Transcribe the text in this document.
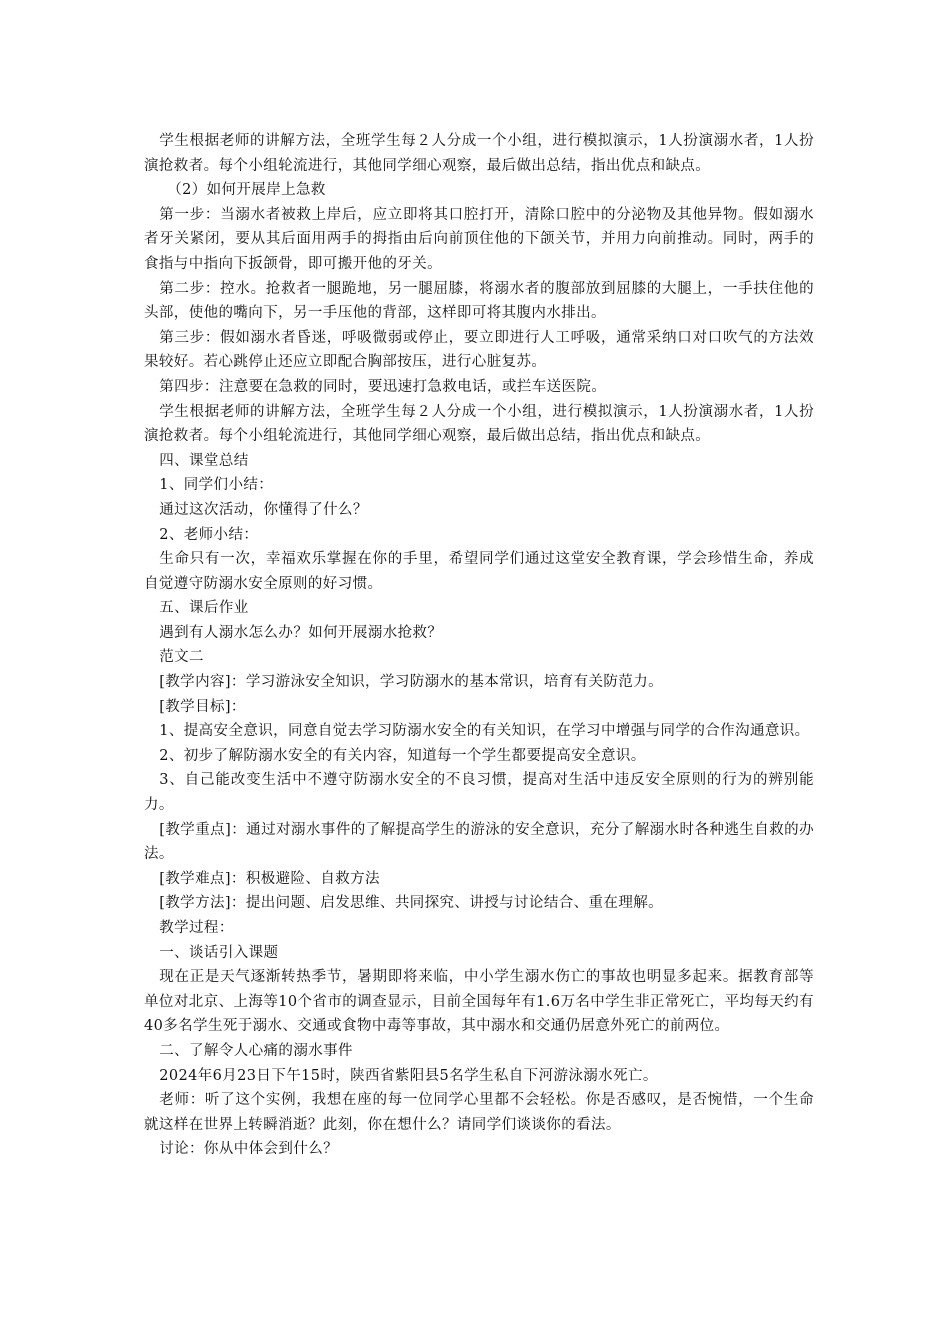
学生根据老师的讲解方法，全班学生每２人分成一个小组，进行模拟演示，1人扮演溺水者，1人扮演抢救者。每个小组轮流进行，其他同学细心观察，最后做出总结，指出优点和缺点。

（2）如何开展岸上急救

第一步：当溺水者被救上岸后，应立即将其口腔打开，清除口腔中的分泌物及其他异物。假如溺水者牙关紧闭，要从其后面用两手的拇指由后向前顶住他的下颌关节，并用力向前推动。同时，两手的食指与中指向下扳颌骨，即可搬开他的牙关。

第二步：控水。抢救者一腿跪地，另一腿屈膝，将溺水者的腹部放到屈膝的大腿上，一手扶住他的头部，使他的嘴向下，另一手压他的背部，这样即可将其腹内水排出。

第三步：假如溺水者昏迷，呼吸微弱或停止，要立即进行人工呼吸，通常采纳口对口吹气的方法效果较好。若心跳停止还应立即配合胸部按压，进行心脏复苏。

第四步：注意要在急救的同时，要迅速打急救电话，或拦车送医院。

学生根据老师的讲解方法，全班学生每２人分成一个小组，进行模拟演示，1人扮演溺水者，1人扮演抢救者。每个小组轮流进行，其他同学细心观察，最后做出总结，指出优点和缺点。

四、课堂总结

1、同学们小结：

通过这次活动，你懂得了什么？

2、老师小结：

生命只有一次，幸福欢乐掌握在你的手里，希望同学们通过这堂安全教育课，学会珍惜生命，养成自觉遵守防溺水安全原则的好习惯。

五、课后作业

遇到有人溺水怎么办？如何开展溺水抢救？

范文二

[教学内容]：学习游泳安全知识，学习防溺水的基本常识，培育有关防范力。

[教学目标]：

1、提高安全意识，同意自觉去学习防溺水安全的有关知识，在学习中增强与同学的合作沟通意识。

2、初步了解防溺水安全的有关内容，知道每一个学生都要提高安全意识。

3、自己能改变生活中不遵守防溺水安全的不良习惯，提高对生活中违反安全原则的行为的辨别能力。

[教学重点]：通过对溺水事件的了解提高学生的游泳的安全意识，充分了解溺水时各种逃生自救的办法。

[教学难点]：积极避险、自救方法

[教学方法]：提出问题、启发思维、共同探究、讲授与讨论结合、重在理解。

教学过程：

一、谈话引入课题

现在正是天气逐渐转热季节，暑期即将来临，中小学生溺水伤亡的事故也明显多起来。据教育部等单位对北京、上海等10个省市的调查显示，目前全国每年有1.6万名中学生非正常死亡，平均每天约有40多名学生死于溺水、交通或食物中毒等事故，其中溺水和交通仍居意外死亡的前两位。

二、了解令人心痛的溺水事件

2024年6月23日下午15时，陕西省紫阳县5名学生私自下河游泳溺水死亡。

老师：听了这个实例，我想在座的每一位同学心里都不会轻松。你是否感叹，是否惋惜，一个生命就这样在世界上转瞬消逝？此刻，你在想什么？请同学们谈谈你的看法。

讨论：你从中体会到什么？
